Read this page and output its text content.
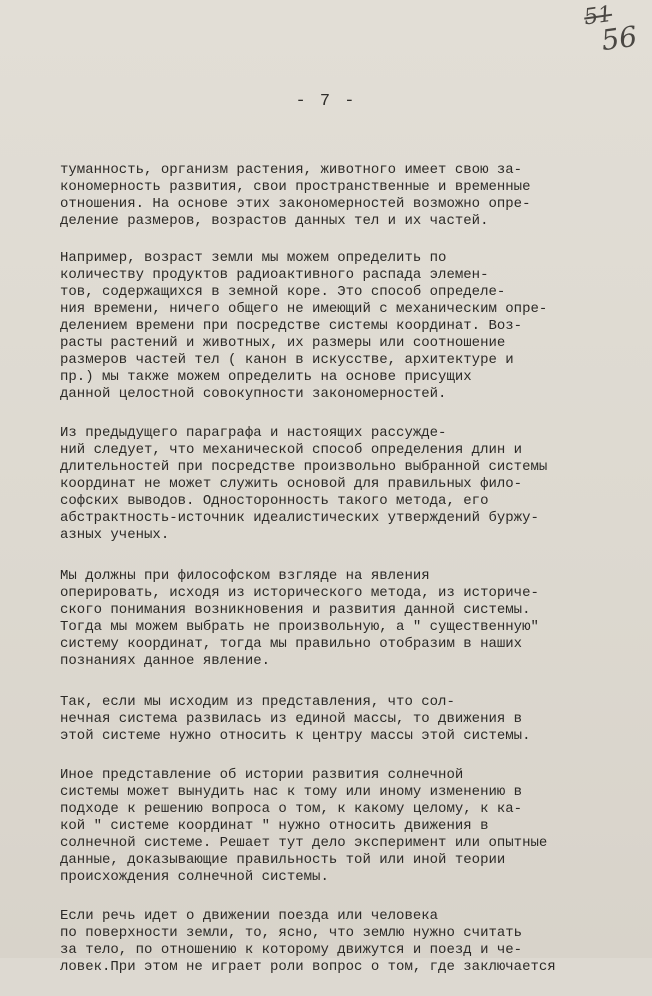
51
56
- 7 -
туманность, организм растения, животного имеет свою за-
кономерность развития, свои пространственные и временные
отношения. На основе этих закономерностей возможно опре-
деление размеров, возрастов данных тел и их частей.
Например, возраст земли мы можем определить по
количеству продуктов радиоактивного распада элемен-
тов, содержащихся в земной коре. Это способ определе-
ния времени, ничего общего не имеющий с механическим опре-
делением времени при посредстве системы координат. Воз-
расты растений и животных, их размеры или соотношение
размеров частей тел ( канон в искусстве, архитектуре и
пр.) мы также можем определить на основе присущих
данной целостной совокупности закономерностей.
Из предыдущего параграфа и настоящих рассужде-
ний следует, что механической способ определения длин и
длительностей при посредстве произвольно выбранной системы
координат не может служить основой для правильных фило-
софских выводов. Односторонность такого метода, его
абстрактность-источник идеалистических утверждений буржу-
азных ученых.
Мы должны при философском взгляде на явления
оперировать, исходя из исторического метода, из историче-
ского понимания возникновения и развития данной системы.
Тогда мы можем выбрать не произвольную, а " существенную"
систему координат, тогда мы правильно отобразим в наших
познаниях данное явление.
Так, если мы исходим из представления, что сол-
нечная система развилась из единой массы, то движения в
этой системе нужно относить к центру массы этой системы.
Иное представление об истории развития солнечной
системы может вынудить нас к тому или иному изменению в
подходе к решению вопроса о том, к какому целому, к ка-
кой " системе координат " нужно относить движения в
солнечной системе. Решает тут дело эксперимент или опытные
данные, доказывающие правильность той или иной теории
происхождения солнечной системы.
Если речь идет о движении поезда или человека
по поверхности земли, то, ясно, что землю нужно считать
за тело, по отношению к которому движутся и поезд и че-
ловек.При этом не играет роли вопрос о том, где заключается
